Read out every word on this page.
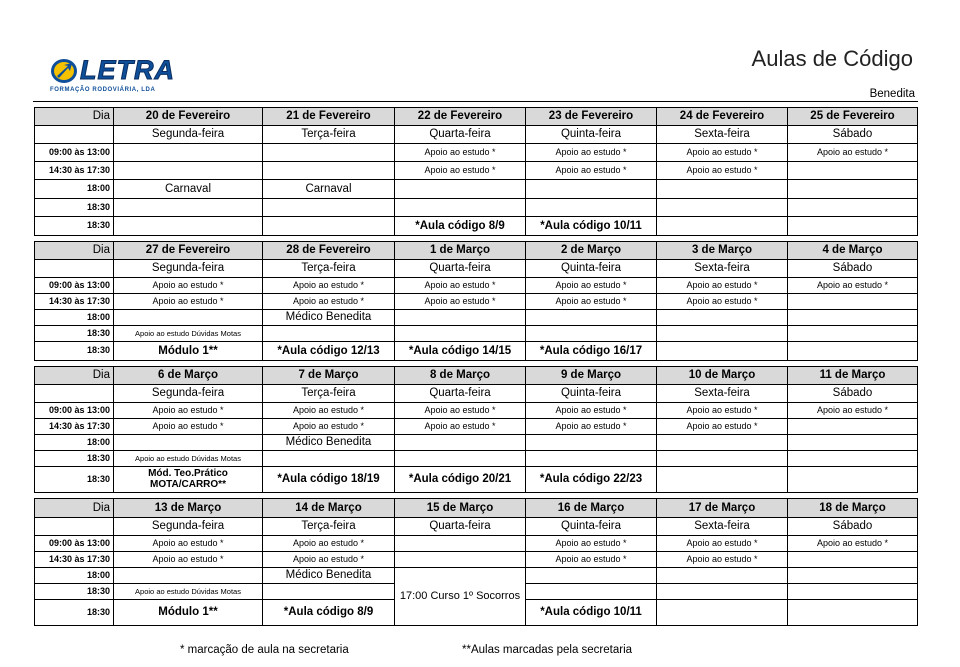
LETRA
FORMAÇÃO RODOVIÁRIA, LDA
Aulas de Código
Benedita
Dia	20 de Fevereiro	21 de Fevereiro	22 de Fevereiro	23 de Fevereiro	24 de Fevereiro	25 de Fevereiro
	Segunda-feira	Terça-feira	Quarta-feira	Quinta-feira	Sexta-feira	Sábado
09:00 às 13:00			Apoio ao estudo *	Apoio ao estudo *	Apoio ao estudo *	Apoio ao estudo *
14:30 às 17:30			Apoio ao estudo *	Apoio ao estudo *	Apoio ao estudo *	
18:00	Carnaval	Carnaval				
18:30						
18:30			*Aula código 8/9	*Aula código 10/11		
Dia	27 de Fevereiro	28 de Fevereiro	1 de Março	2 de Março	3 de Março	4 de Março
	Segunda-feira	Terça-feira	Quarta-feira	Quinta-feira	Sexta-feira	Sábado
09:00 às 13:00	Apoio ao estudo *	Apoio ao estudo *	Apoio ao estudo *	Apoio ao estudo *	Apoio ao estudo *	Apoio ao estudo *
14:30 às 17:30	Apoio ao estudo *	Apoio ao estudo *	Apoio ao estudo *	Apoio ao estudo *	Apoio ao estudo *	
18:00		Médico Benedita				
18:30	Apoio ao estudo Dúvidas Motas					
18:30	Módulo 1**	*Aula código 12/13	*Aula código 14/15	*Aula código 16/17		
Dia	6 de Março	7 de Março	8 de Março	9 de Março	10 de Março	11 de Março
	Segunda-feira	Terça-feira	Quarta-feira	Quinta-feira	Sexta-feira	Sábado
09:00 às 13:00	Apoio ao estudo *	Apoio ao estudo *	Apoio ao estudo *	Apoio ao estudo *	Apoio ao estudo *	Apoio ao estudo *
14:30 às 17:30	Apoio ao estudo *	Apoio ao estudo *	Apoio ao estudo *	Apoio ao estudo *	Apoio ao estudo *	
18:00		Médico Benedita				
18:30	Apoio ao estudo Dúvidas Motas					
18:30	Mód. Teo.Prático
MOTA/CARRO**	*Aula código 18/19	*Aula código 20/21	*Aula código 22/23		
Dia	13 de Março	14 de Março	15 de Março	16 de Março	17 de Março	18 de Março
	Segunda-feira	Terça-feira	Quarta-feira	Quinta-feira	Sexta-feira	Sábado
09:00 às 13:00	Apoio ao estudo *	Apoio ao estudo *		Apoio ao estudo *	Apoio ao estudo *	Apoio ao estudo *
14:30 às 17:30	Apoio ao estudo *	Apoio ao estudo *		Apoio ao estudo *	Apoio ao estudo *	
18:00		Médico Benedita	17:00 Curso 1º Socorros			
18:30	Apoio ao estudo Dúvidas Motas					
18:30	Módulo 1**	*Aula código 8/9		*Aula código 10/11		
* marcação de aula na secretaria	**Aulas marcadas pela secretaria
